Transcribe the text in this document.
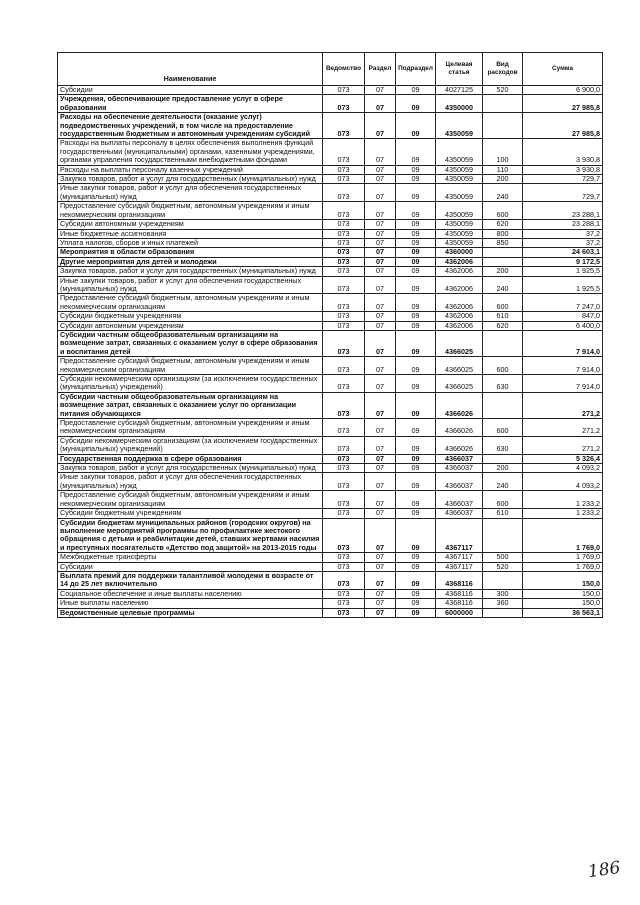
Наименование	Ведомство	Раздел	Подраздел	Целевая статья	Вид расходов	Сумма
Субсидии	073	07	09	4027125	520	6 900,0
Учреждения, обеспечивающие предоставление услуг в сфере образования	073	07	09	4350000		27 985,8
Расходы на обеспечение деятельности (оказание услуг) подведомственных учреждений, в том числе на предоставление государственным бюджетным и автономным учреждениям субсидий	073	07	09	4350059		27 985,8
Расходы на выплаты персоналу в целях обеспечения выполнения функций государственными (муниципальными) органами, казенными учреждениями, органами управления государственными внебюджетными фондами	073	07	09	4350059	100	3 930,8
Расходы на выплаты персоналу казенных учреждений	073	07	09	4350059	110	3 930,8
Закупка товаров, работ и услуг для государственных (муниципальных) нужд	073	07	09	4350059	200	729,7
Иные закупки товаров, работ и услуг для обеспечения государственных (муниципальных) нужд	073	07	09	4350059	240	729,7
Предоставление субсидий бюджетным, автономным учреждениям и иным некоммерческим организациям	073	07	09	4350059	600	23 288,1
Субсидии автономным учреждениям	073	07	09	4350059	620	23 288,1
Иные бюджетные ассигнования	073	07	09	4350059	800	37,2
Уплата налогов, сборов и иных платежей	073	07	09	4350059	850	37,2
Мероприятия в области образования	073	07	09	4360000		24 603,1
Другие мероприятия для детей и молодежи	073	07	09	4362006		9 172,5
Закупка товаров, работ и услуг для государственных (муниципальных) нужд	073	07	09	4362006	200	1 925,5
Иные закупки товаров, работ и услуг для обеспечения государственных (муниципальных) нужд	073	07	09	4362006	240	1 925,5
Предоставление субсидий бюджетным, автономным учреждениям и иным некоммерческим организациям	073	07	09	4362006	600	7 247,0
Субсидии бюджетным учреждениям	073	07	09	4362006	610	847,0
Субсидии автономным учреждениям	073	07	09	4362006	620	6 400,0
Субсидии частным общеобразовательным организациям на возмещение затрат, связанных с оказанием услуг в сфере образования и воспитания детей	073	07	09	4366025		7 914,0
Предоставление субсидий бюджетным, автономным учреждениям и иным некоммерческим организациям	073	07	09	4366025	600	7 914,0
Субсидии некоммерческим организациям (за исключением государственных (муниципальных) учреждений)	073	07	09	4366025	630	7 914,0
Субсидии частным общеобразовательным организациям на возмещение затрат, связанных с оказанием услуг по организации питания обучающихся	073	07	09	4366026		271,2
Предоставление субсидий бюджетным, автономным учреждениям и иным некоммерческим организациям	073	07	09	4366026	600	271,2
Субсидии некоммерческим организациям (за исключением государственных (муниципальных) учреждений)	073	07	09	4366026	630	271,2
Государственная поддержка в сфере образования	073	07	09	4366037		5 326,4
Закупка товаров, работ и услуг для государственных (муниципальных) нужд	073	07	09	4366037	200	4 093,2
Иные закупки товаров, работ и услуг для обеспечения государственных (муниципальных) нужд	073	07	09	4366037	240	4 093,2
Предоставление субсидий бюджетным, автономным учреждениям и иным некоммерческим организациям	073	07	09	4366037	600	1 233,2
Субсидии бюджетным учреждениям	073	07	09	4366037	610	1 233,2
Субсидии бюджетам муниципальных районов (городских округов) на выполнение мероприятий программы по профилактике жестокого обращения с детьми и реабилитации детей, ставших жертвами насилия и преступных посягательств «Детство под защитой» на 2013-2015 годы	073	07	09	4367117		1 769,0
Межбюджетные трансферты	073	07	09	4367117	500	1 769,0
Субсидии	073	07	09	4367117	520	1 769,0
Выплата премий для поддержки талантливой молодежи в возрасте от 14 до 25 лет включительно	073	07	09	4368116		150,0
Социальное обеспечение и иные выплаты населению	073	07	09	4368116	300	150,0
Иные выплаты населению	073	07	09	4368116	360	150,0
Ведомственные целевые программы	073	07	09	6000000		36 563,1
186
